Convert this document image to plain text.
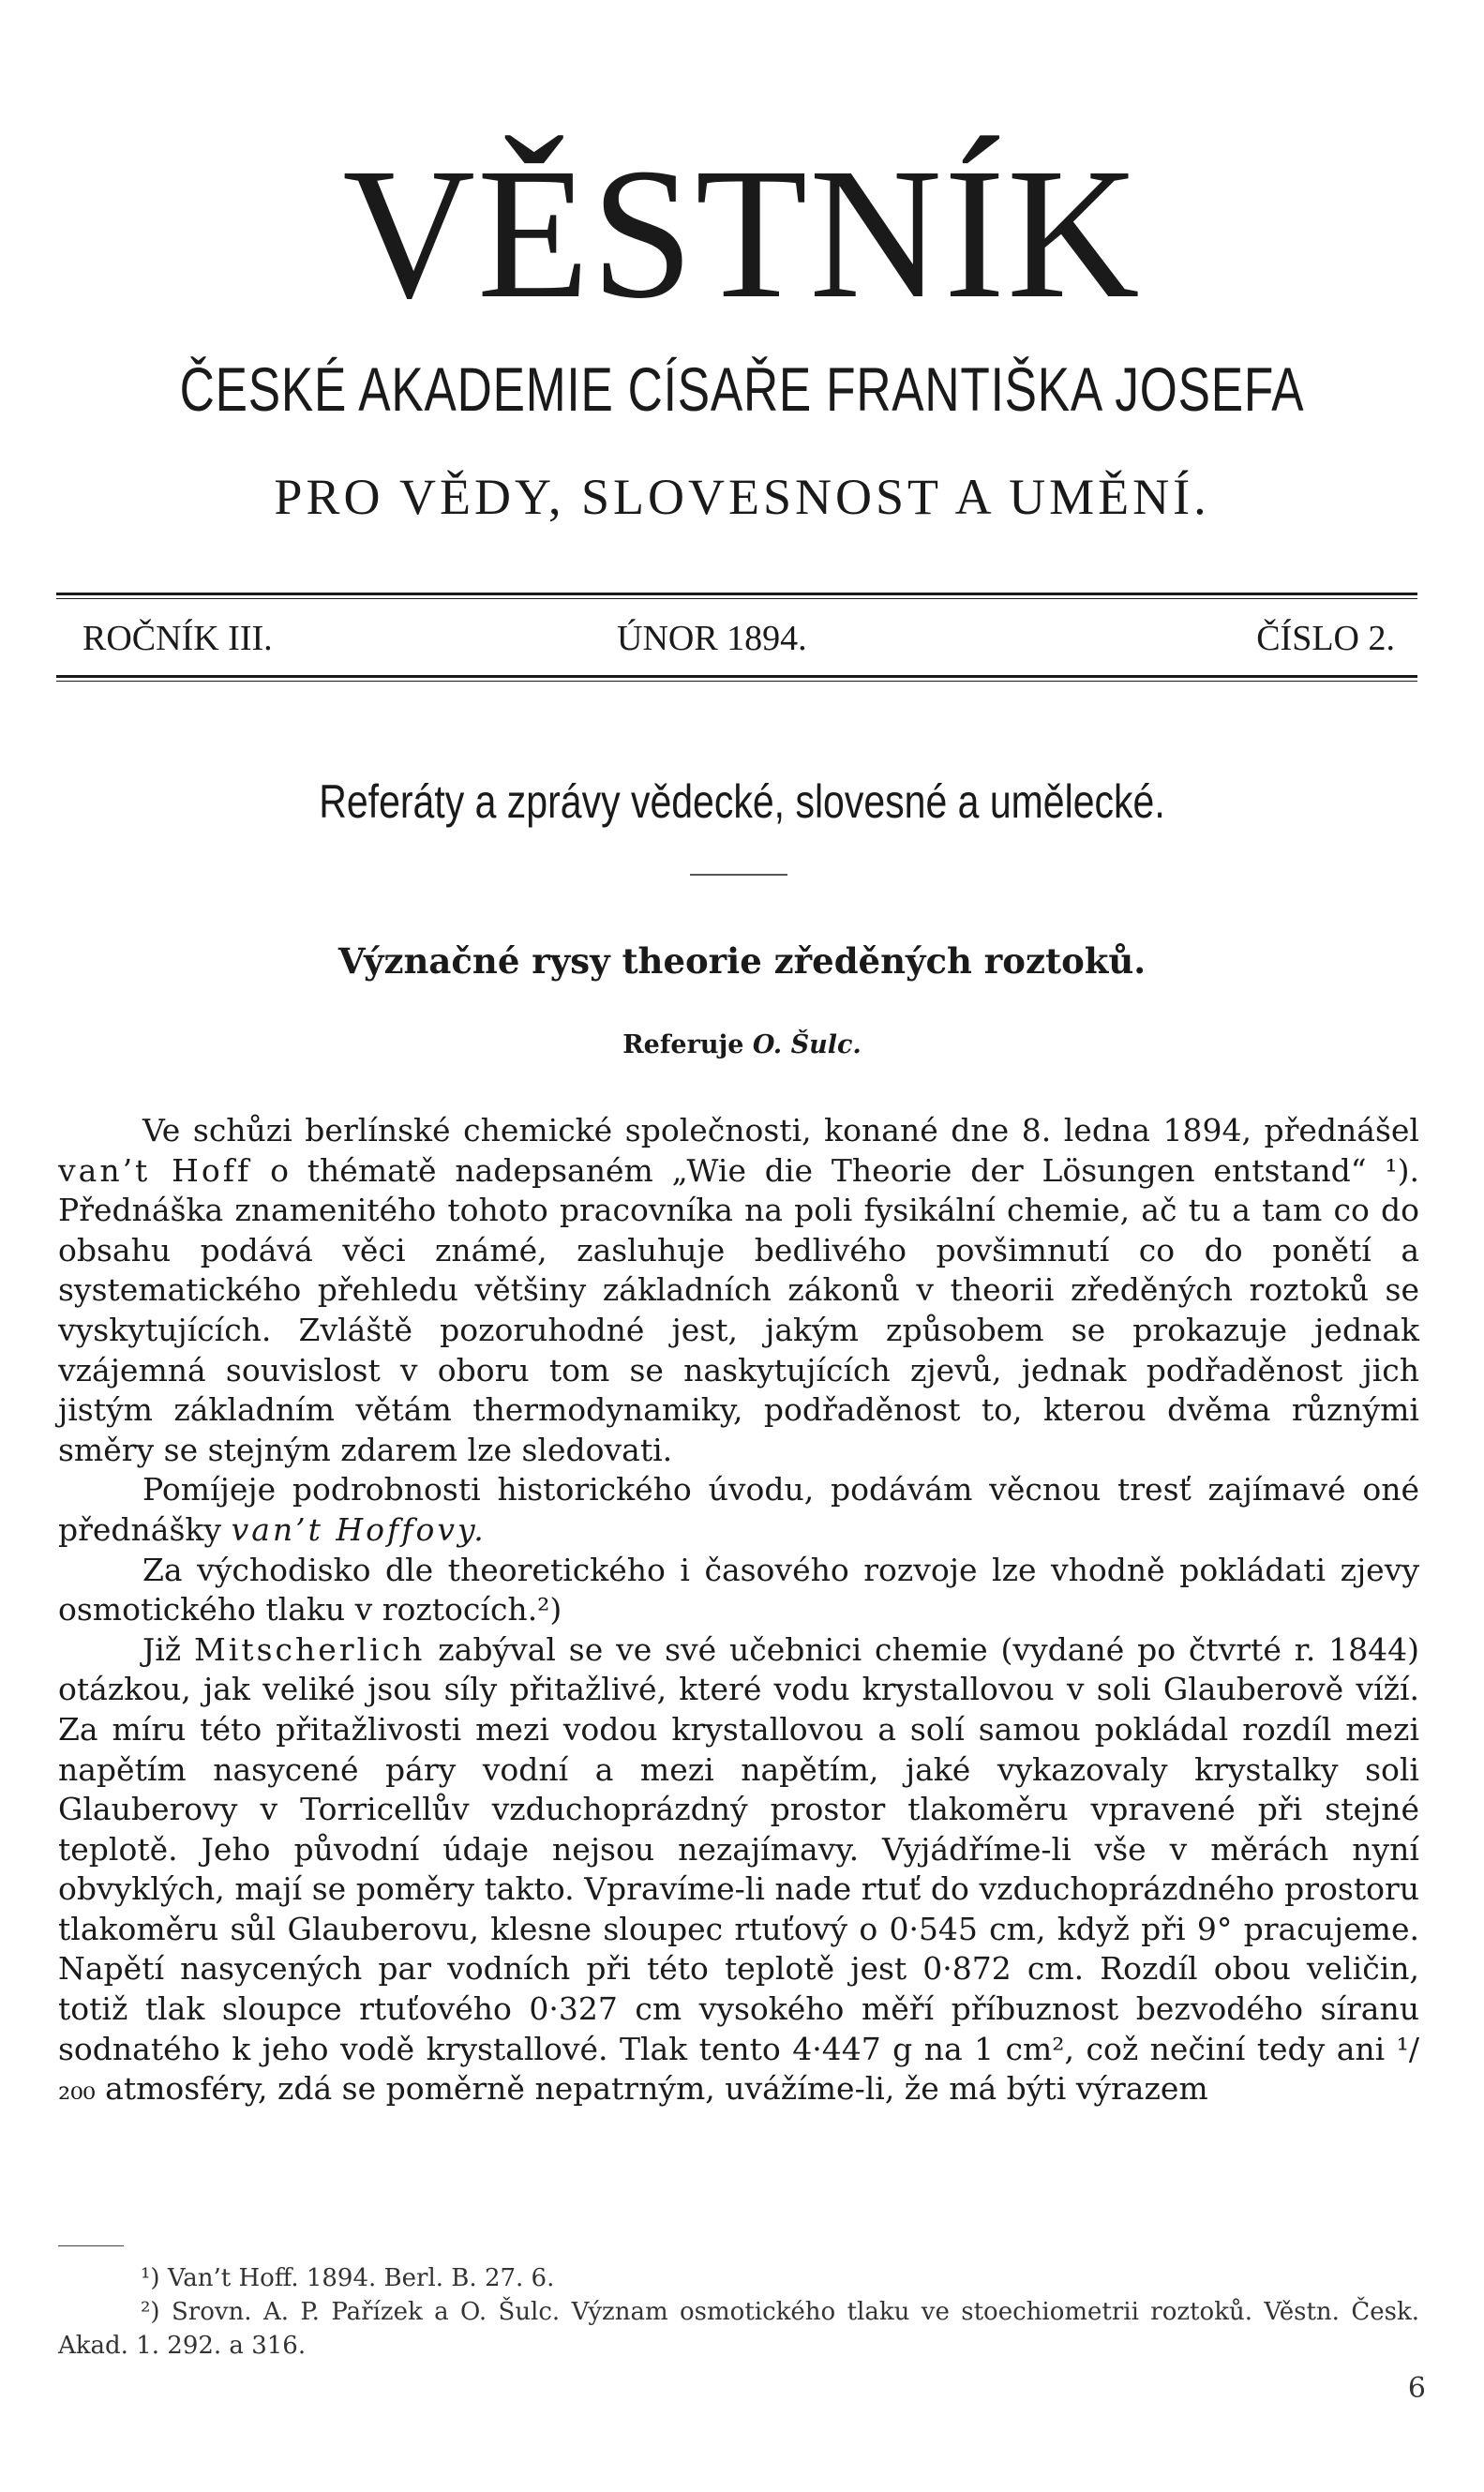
VĚSTNÍK
ČESKÉ AKADEMIE CÍSAŘE FRANTIŠKA JOSEFA
PRO VĚDY, SLOVESNOST A UMĚNÍ.
ROČNÍK III.	ÚNOR 1894.	ČÍSLO 2.
Referáty a zprávy vědecké, slovesné a umělecké.
Význačné rysy theorie zředěných roztoků.
Referuje O. Šulc.

Ve schůzi berlínské chemické společnosti, konané dne 8. ledna 1894, přednášel van’t Hoff o thématě nadepsaném „Wie die Theorie der Lösungen entstand“ ¹). Přednáška znamenitého tohoto pracovníka na poli fysikální chemie, ač tu a tam co do obsahu podává věci známé, zasluhuje bedlivého povšimnutí co do ponětí a systematického přehledu většiny základních zákonů v theorii zředěných roztoků se vyskytujících. Zvláště pozoruhodné jest, jakým způsobem se prokazuje jednak vzájemná souvislost v oboru tom se naskytujících zjevů, jednak podřaděnost jich jistým základním větám thermodynamiky, podřaděnost to, kterou dvěma různými směry se stejným zdarem lze sledovati.

Pomíjeje podrobnosti historického úvodu, podávám věcnou tresť zajímavé oné přednášky van’t Hoffovy.

Za východisko dle theoretického i časového rozvoje lze vhodně pokládati zjevy osmotického tlaku v roztocích.²)

Již Mitscherlich zabýval se ve své učebnici chemie (vydané po čtvrté r. 1844) otázkou, jak veliké jsou síly přitažlivé, které vodu krystallovou v soli Glauberově víží. Za míru této přitažlivosti mezi vodou krystallovou a solí samou pokládal rozdíl mezi napětím nasycené páry vodní a mezi napětím, jaké vykazovaly krystalky soli Glauberovy v Torricellův vzduchoprázdný prostor tlakoměru vpravené při stejné teplotě. Jeho původní údaje nejsou nezajímavy. Vyjádříme-li vše v měrách nyní obvyklých, mají se poměry takto. Vpravíme-li nade rtuť do vzduchoprázdného prostoru tlakoměru sůl Glauberovu, klesne sloupec rtuťový o 0·545 cm, když při 9° pracujeme. Napětí nasycených par vodních při této teplotě jest 0·872 cm. Rozdíl obou veličin, totiž tlak sloupce rtuťového 0·327 cm vysokého měří příbuznost bezvodého síranu sodnatého k jeho vodě krystallové. Tlak tento 4·447 g na 1 cm², což nečiní tedy ani ¹/₂₀₀ atmosféry, zdá se poměrně nepatrným, uvážíme-li, že má býti výrazem

¹) Van’t Hoff. 1894. Berl. B. 27. 6.

²) Srovn. A. P. Pařízek a O. Šulc. Význam osmotického tlaku ve stoechiometrii roztoků. Věstn. Česk. Akad. 1. 292. a 316.

6
